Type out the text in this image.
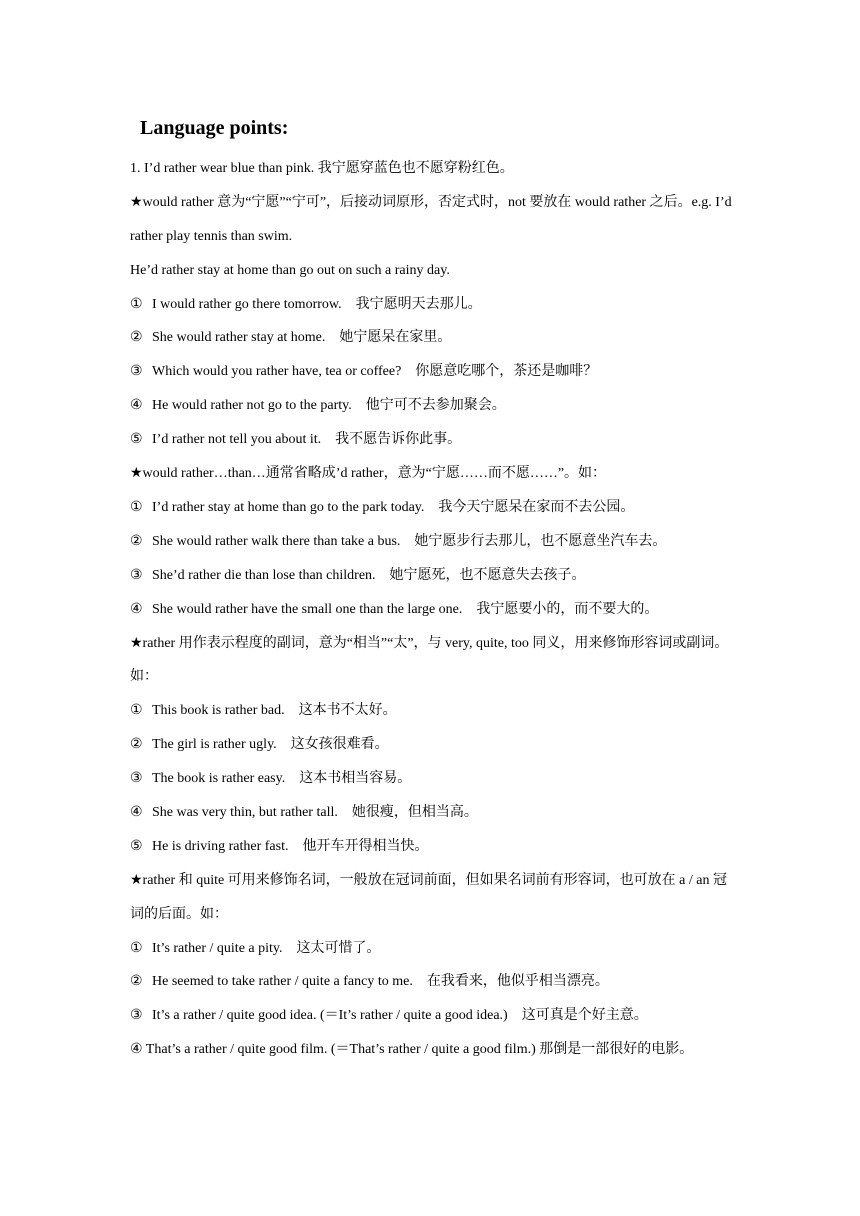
Language points:
1. I’d rather wear blue than pink. 我宁愿穿蓝色也不愿穿粉红色。
★would rather 意为“宁愿”“宁可”，后接动词原形，否定式时，not 要放在 would rather 之后。e.g. I’d rather play tennis than swim.
He’d rather stay at home than go out on such a rainy day.
① I would rather go there tomorrow. 我宁愿明天去那儿。
② She would rather stay at home. 她宁愿呆在家里。
③ Which would you rather have, tea or coffee? 你愿意吃哪个，茶还是咖啡？
④ He would rather not go to the party. 他宁可不去参加聚会。
⑤ I’d rather not tell you about it. 我不愿告诉你此事。
★would rather…than…通常省略成’d rather，意为“宁愿……而不愿……”。如：
① I’d rather stay at home than go to the park today. 我今天宁愿呆在家而不去公园。
② She would rather walk there than take a bus. 她宁愿步行去那儿，也不愿意坐汽车去。
③ She’d rather die than lose than children. 她宁愿死，也不愿意失去孩子。
④ She would rather have the small one than the large one. 我宁愿要小的，而不要大的。
★rather 用作表示程度的副词，意为“相当”“太”，与 very, quite, too 同义，用来修饰形容词或副词。如：
① This book is rather bad. 这本书不太好。
② The girl is rather ugly. 这女孩很难看。
③ The book is rather easy. 这本书相当容易。
④ She was very thin, but rather tall. 她很瘦，但相当高。
⑤ He is driving rather fast. 他开车开得相当快。
★rather 和 quite 可用来修饰名词，一般放在冠词前面，但如果名词前有形容词，也可放在 a / an 冠词的后面。如：
① It’s rather / quite a pity. 这太可惜了。
② He seemed to take rather / quite a fancy to me. 在我看来，他似乎相当漂亮。
③ It’s a rather / quite good idea. (＝It’s rather / quite a good idea.) 这可真是个好主意。
④ That’s a rather / quite good film. (＝That’s rather / quite a good film.) 那倒是一部很好的电影。
